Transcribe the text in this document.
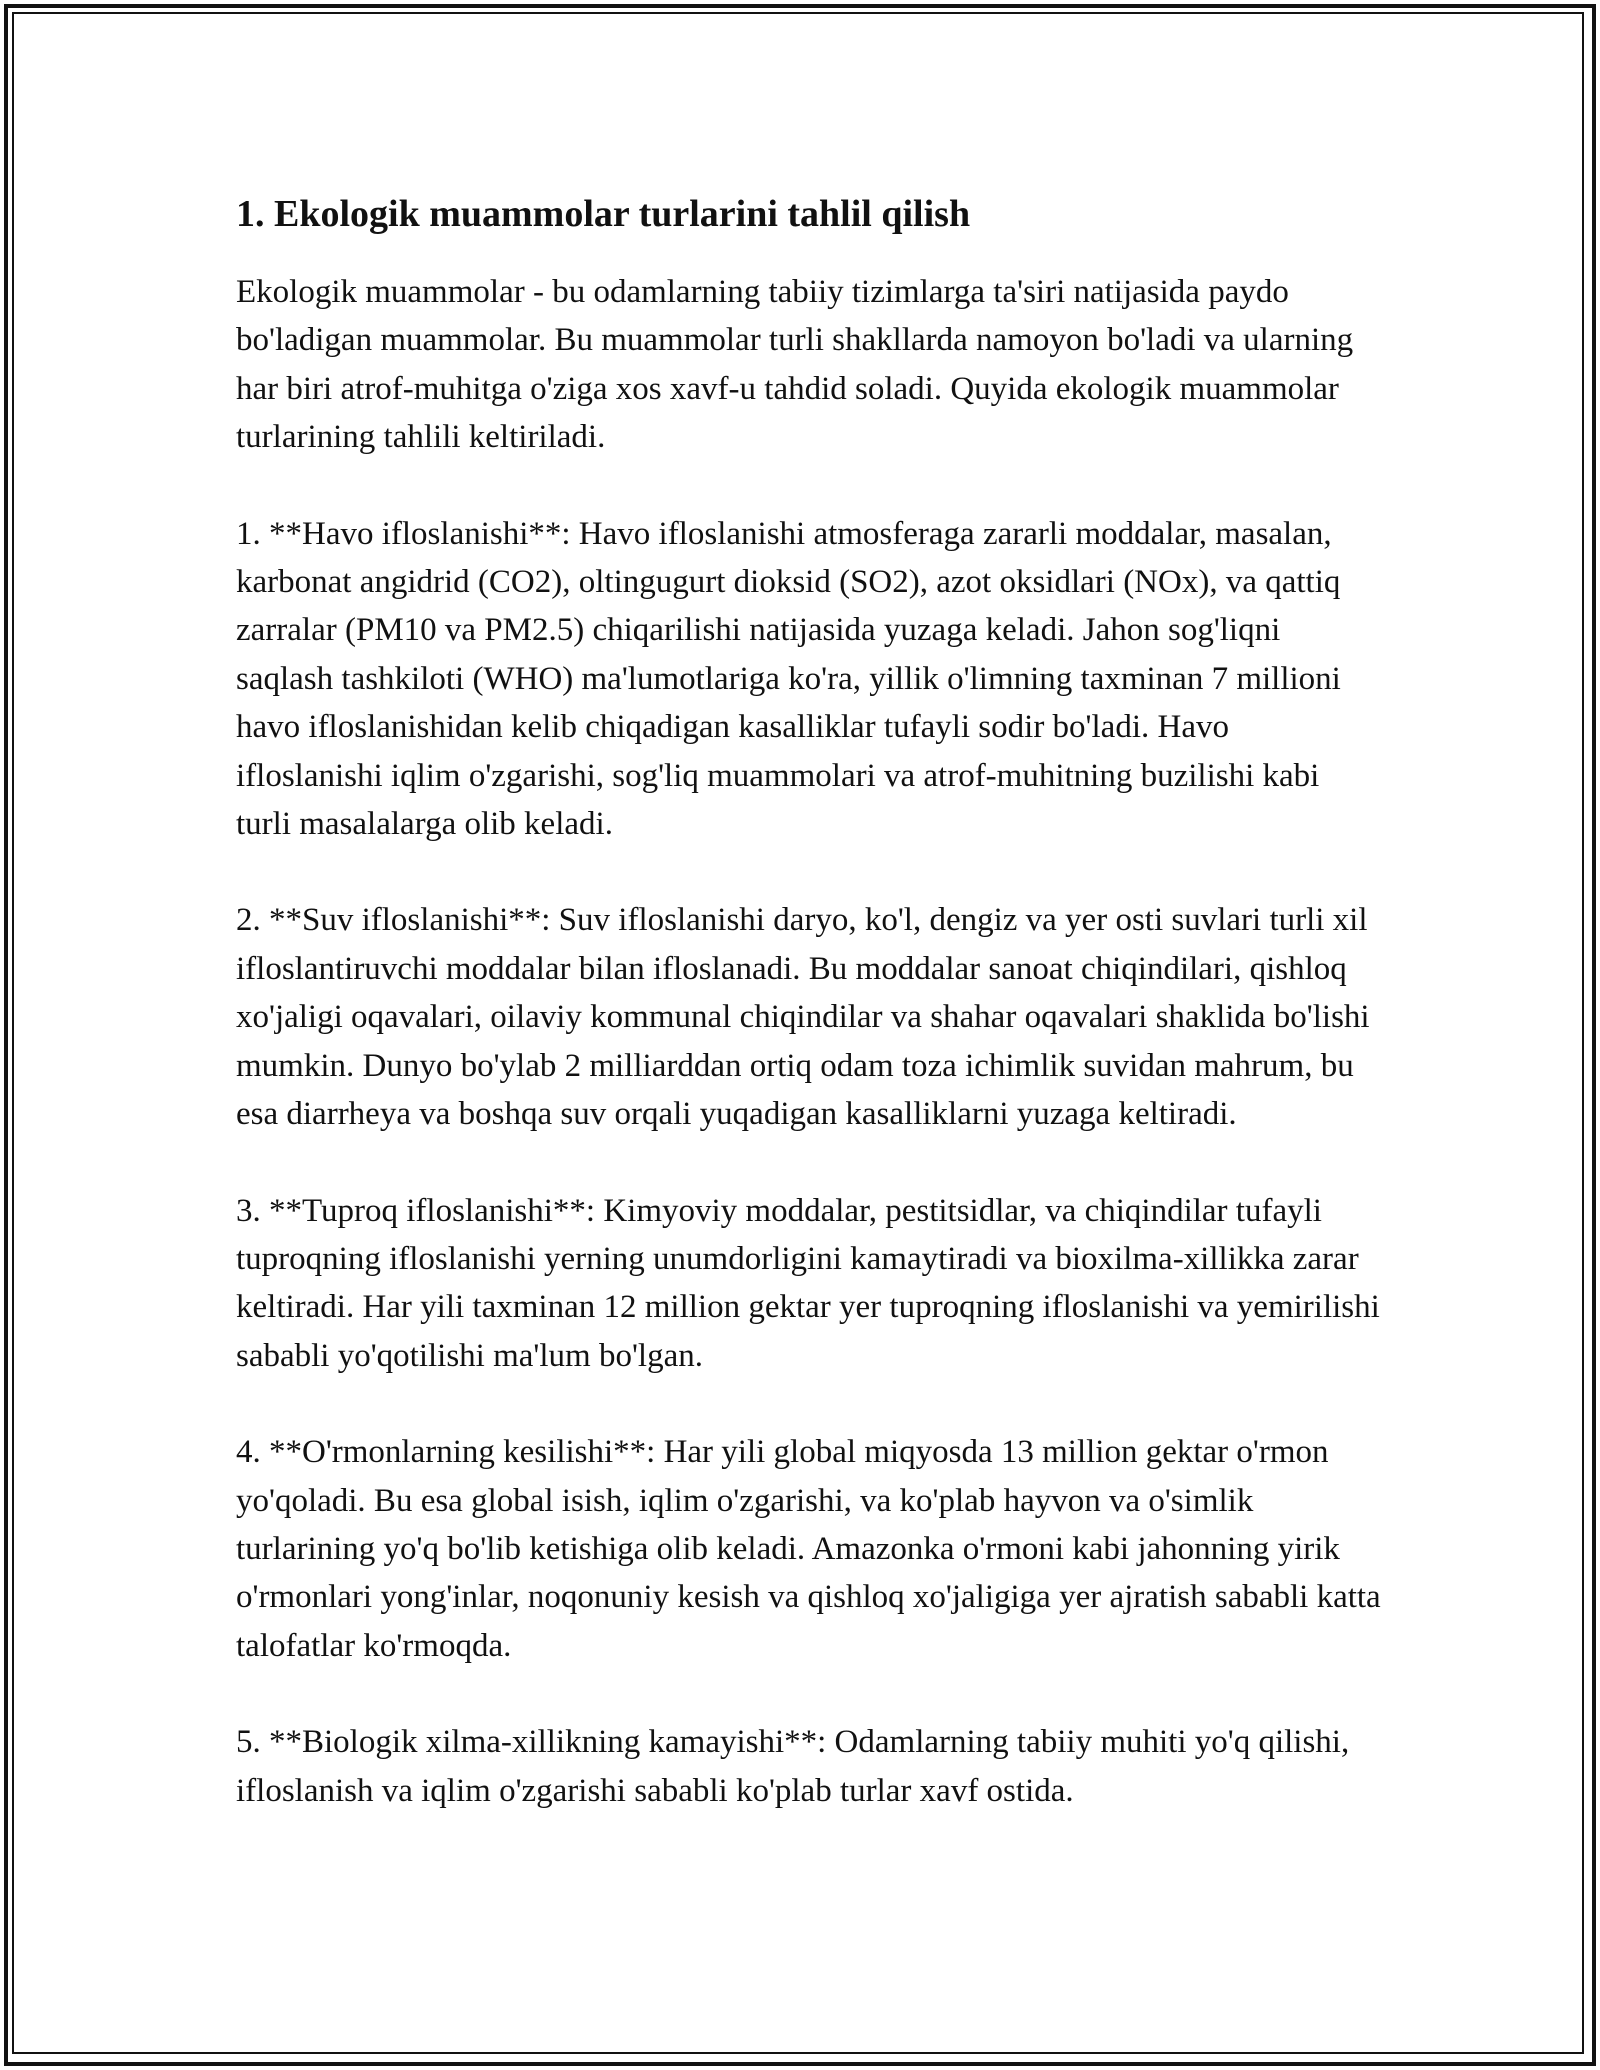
1. Ekologik muammolar turlarini tahlil qilish

Ekologik muammolar - bu odamlarning tabiiy tizimlarga ta'siri natijasida paydo bo'ladigan muammolar. Bu muammolar turli shakllarda namoyon bo'ladi va ularning har biri atrof-muhitga o'ziga xos xavf-u tahdid soladi. Quyida ekologik muammolar turlarining tahlili keltiriladi.

1. **Havo ifloslanishi**: Havo ifloslanishi atmosferaga zararli moddalar, masalan, karbonat angidrid (CO2), oltingugurt dioksid (SO2), azot oksidlari (NOx), va qattiq zarralar (PM10 va PM2.5) chiqarilishi natijasida yuzaga keladi. Jahon sog'liqni saqlash tashkiloti (WHO) ma'lumotlariga ko'ra, yillik o'limning taxminan 7 millioni havo ifloslanishidan kelib chiqadigan kasalliklar tufayli sodir bo'ladi. Havo ifloslanishi iqlim o'zgarishi, sog'liq muammolari va atrof-muhitning buzilishi kabi turli masalalarga olib keladi.

2. **Suv ifloslanishi**: Suv ifloslanishi daryo, ko'l, dengiz va yer osti suvlari turli xil ifloslantiruvchi moddalar bilan ifloslanadi. Bu moddalar sanoat chiqindilari, qishloq xo'jaligi oqavalari, oilaviy kommunal chiqindilar va shahar oqavalari shaklida bo'lishi mumkin. Dunyo bo'ylab 2 milliarddan ortiq odam toza ichimlik suvidan mahrum, bu esa diarrheya va boshqa suv orqali yuqadigan kasalliklarni yuzaga keltiradi.

3. **Tuproq ifloslanishi**: Kimyoviy moddalar, pestitsidlar, va chiqindilar tufayli tuproqning ifloslanishi yerning unumdorligini kamaytiradi va bioxilma-xillikka zarar keltiradi. Har yili taxminan 12 million gektar yer tuproqning ifloslanishi va yemirilishi sababli yo'qotilishi ma'lum bo'lgan.

4. **O'rmonlarning kesilishi**: Har yili global miqyosda 13 million gektar o'rmon yo'qoladi. Bu esa global isish, iqlim o'zgarishi, va ko'plab hayvon va o'simlik turlarining yo'q bo'lib ketishiga olib keladi. Amazonka o'rmoni kabi jahonning yirik o'rmonlari yong'inlar, noqonuniy kesish va qishloq xo'jaligiga yer ajratish sababli katta talofatlar ko'rmoqda.

5. **Biologik xilma-xillikning kamayishi**: Odamlarning tabiiy muhiti yo'q qilishi, ifloslanish va iqlim o'zgarishi sababli ko'plab turlar xavf ostida.
